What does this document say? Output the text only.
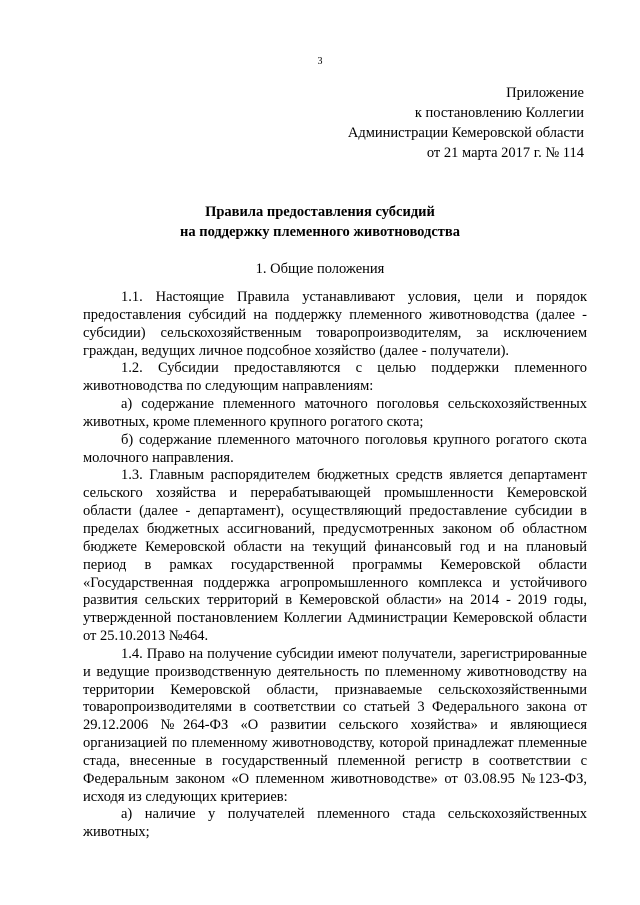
3
Приложение
к постановлению Коллегии
Администрации Кемеровской области
от 21 марта 2017 г. № 114
Правила предоставления субсидий
на поддержку племенного животноводства
1. Общие положения

1.1. Настоящие Правила устанавливают условия, цели и порядок предоставления субсидий на поддержку племенного животноводства (далее - субсидии) сельскохозяйственным товаропроизводителям, за исключением граждан, ведущих личное подсобное хозяйство (далее - получатели).

1.2. Субсидии предоставляются с целью поддержки племенного животноводства по следующим направлениям:

а) содержание племенного маточного поголовья сельскохозяйственных животных, кроме племенного крупного рогатого скота;

б) содержание племенного маточного поголовья крупного рогатого скота молочного направления.

1.3. Главным распорядителем бюджетных средств является департамент сельского хозяйства и перерабатывающей промышленности Кемеровской области (далее - департамент), осуществляющий предоставление субсидии в пределах бюджетных ассигнований, предусмотренных законом об областном бюджете Кемеровской области на текущий финансовый год и на плановый период в рамках государственной программы Кемеровской области «Государственная поддержка агропромышленного комплекса и устойчивого развития сельских территорий в Кемеровской области» на 2014 - 2019 годы, утвержденной постановлением Коллегии Администрации Кемеровской области от 25.10.2013 №464.

1.4. Право на получение субсидии имеют получатели, зарегистрированные и ведущие производственную деятельность по племенному животноводству на территории Кемеровской области, признаваемые сельскохозяйственными товаропроизводителями в соответствии со статьей 3 Федерального закона от 29.12.2006 №264-ФЗ «О развитии сельского хозяйства» и являющиеся организацией по племенному животноводству, которой принадлежат племенные стада, внесенные в государственный племенной регистр в соответствии с Федеральным законом «О племенном животноводстве» от 03.08.95 №123-ФЗ, исходя из следующих критериев:

а) наличие у получателей племенного стада сельскохозяйственных животных;
